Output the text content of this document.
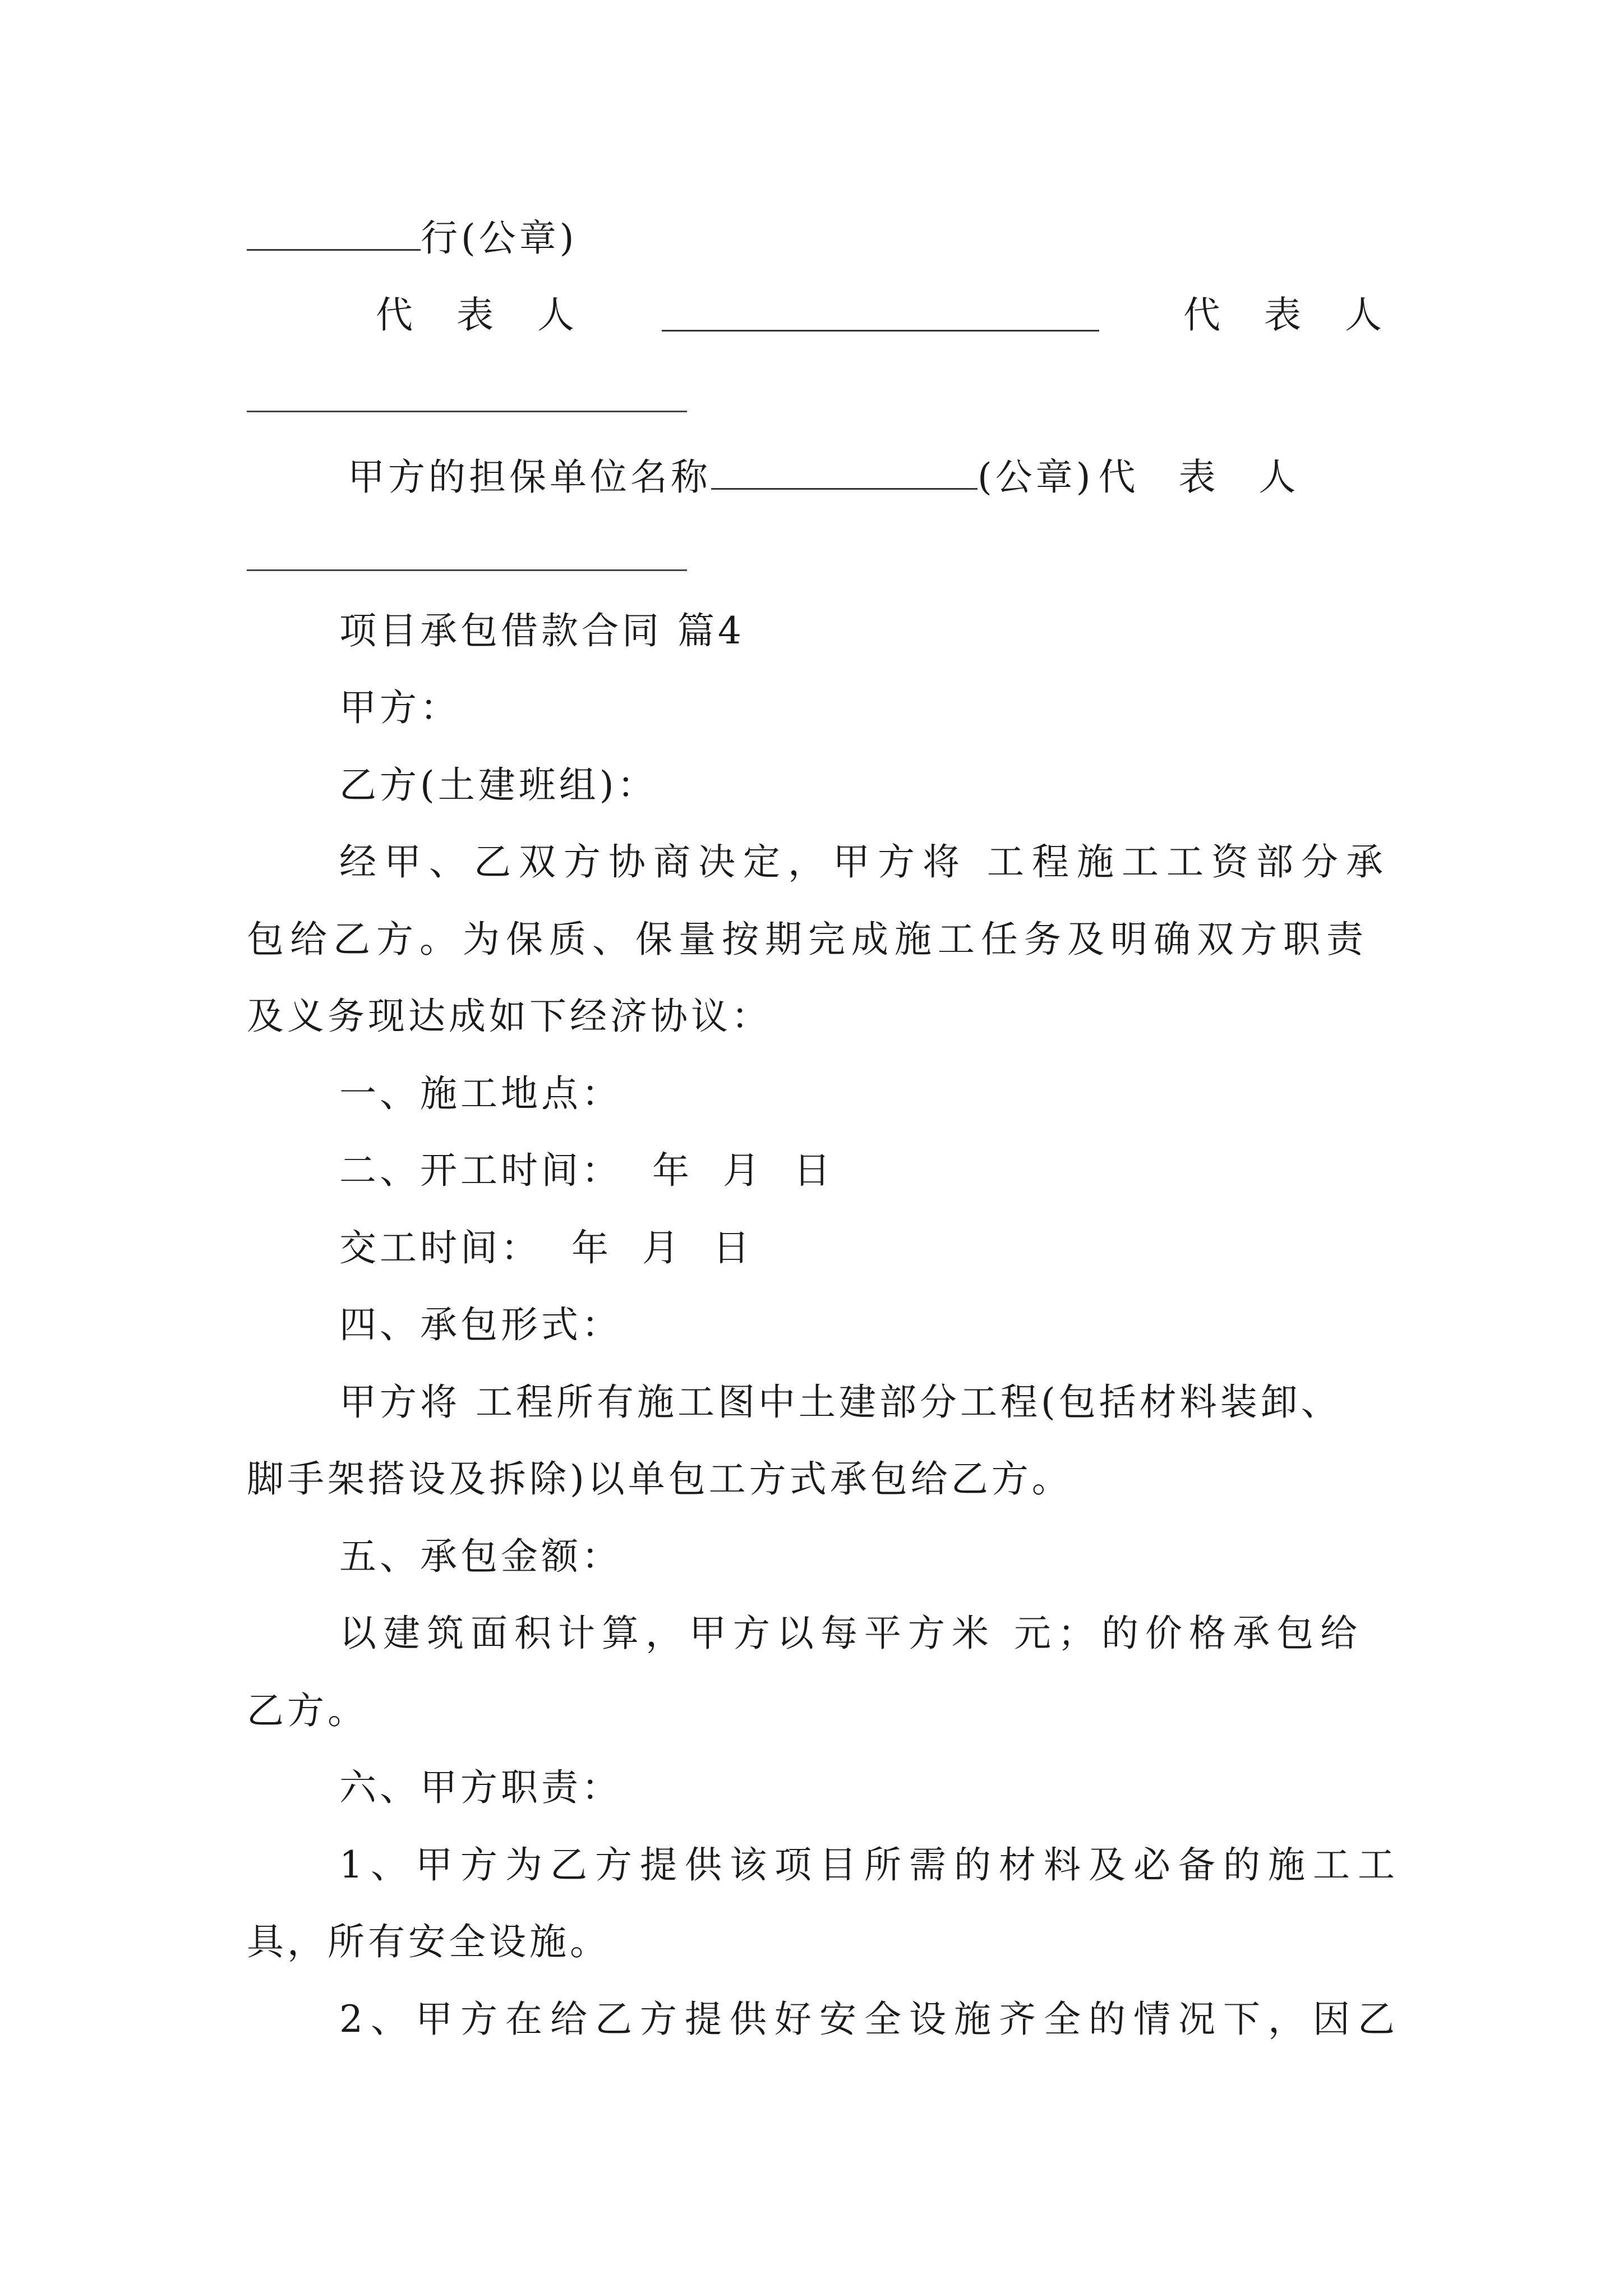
行(公章)
代　表　人	代　表　人
甲方的担保单位名称	(公章) 代 表 人
项目承包借款合同 篇4
甲方：
乙方(土建班组)：
经甲、乙双方协商决定，甲方将 工程施工工资部分承
包给乙方。为保质、保量按期完成施工任务及明确双方职责
及义务现达成如下经济协议：
一、施工地点：
二、开工时间：  年  月  日
交工时间：  年  月  日
四、承包形式：
甲方将 工程所有施工图中土建部分工程(包括材料装卸、
脚手架搭设及拆除)以单包工方式承包给乙方。
五、承包金额：
以建筑面积计算，甲方以每平方米 元；的价格承包给
乙方。
六、甲方职责：
1、甲方为乙方提供该项目所需的材料及必备的施工工
具，所有安全设施。
2、甲方在给乙方提供好安全设施齐全的情况下，因乙
